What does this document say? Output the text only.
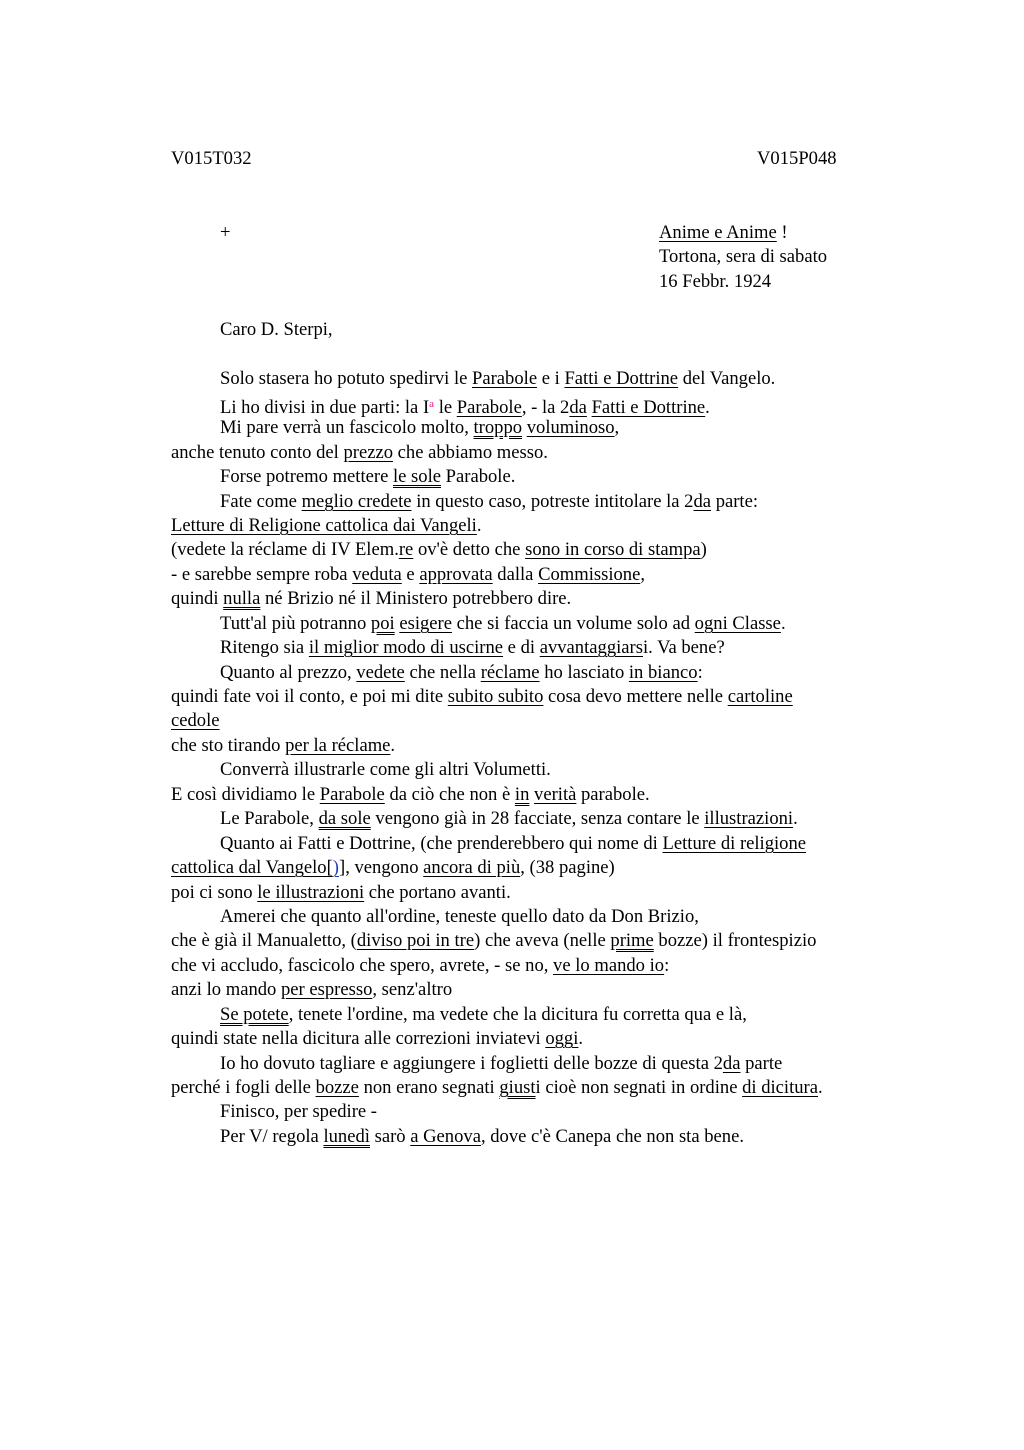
V015T032	V015P048
+	Anime e Anime !
Tortona, sera di sabato
16 Febbr. 1924
Caro D. Sterpi,
Solo stasera ho potuto spedirvi le Parabole e i Fatti e Dottrine del Vangelo.
Li ho divisi in due parti: la $I^a$ le Parabole, - la 2da Fatti e Dottrine.
Mi pare verrà un fascicolo molto, troppo voluminoso,
anche tenuto conto del prezzo che abbiamo messo.
Forse potremo mettere le sole Parabole.
Fate come meglio credete in questo caso, potreste intitolare la 2da parte:
Letture di Religione cattolica dai Vangeli.
(vedete la réclame di IV Elem.re ov'è detto che sono in corso di stampa)
- e sarebbe sempre roba veduta e approvata dalla Commissione,
quindi nulla né Brizio né il Ministero potrebbero dire.
Tutt'al più potranno poi esigere che si faccia un volume solo ad ogni Classe.
Ritengo sia il miglior modo di uscirne e di avvantaggiarsi. Va bene?
Quanto al prezzo, vedete che nella réclame ho lasciato in bianco:
quindi fate voi il conto, e poi mi dite subito subito cosa devo mettere nelle cartoline
cedole
che sto tirando per la réclame.
Converrà illustrarle come gli altri Volumetti.
E così dividiamo le Parabole da ciò che non è in verità parabole.
Le Parabole, da sole vengono già in 28 facciate, senza contare le illustrazioni.
Quanto ai Fatti e Dottrine, (che prenderebbero qui nome di Letture di religione
cattolica dal Vangelo[)], vengono ancora di più, (38 pagine)
poi ci sono le illustrazioni che portano avanti.
Amerei che quanto all'ordine, teneste quello dato da Don Brizio,
che è già il Manualetto, (diviso poi in tre) che aveva (nelle prime bozze) il frontespizio
che vi accludo, fascicolo che spero, avrete, - se no, ve lo mando io:
anzi lo mando per espresso, senz'altro
Se potete, tenete l'ordine, ma vedete che la dicitura fu corretta qua e là,
quindi state nella dicitura alle correzioni inviatevi oggi.
Io ho dovuto tagliare e aggiungere i foglietti delle bozze di questa 2da parte
perché i fogli delle bozze non erano segnati giusti cioè non segnati in ordine di dicitura.
Finisco, per spedire -
Per V/ regola lunedì sarò a Genova, dove c'è Canepa che non sta bene.
